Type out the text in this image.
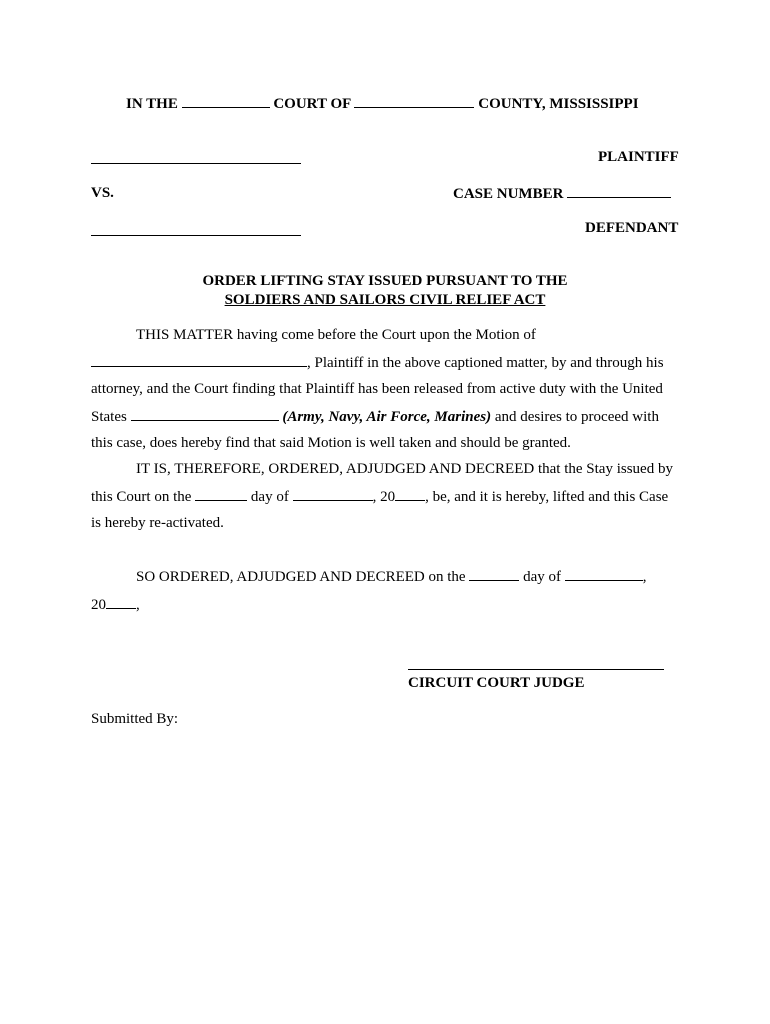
IN THE	COURT OF	COUNTY, MISSISSIPPI
PLAINTIFF
VS.	CASE NUMBER
DEFENDANT
ORDER LIFTING STAY ISSUED PURSUANT TO THE
SOLDIERS AND SAILORS CIVIL RELIEF ACT
THIS MATTER having come before the Court upon the Motion of
, Plaintiff in the above captioned matter, by and through his
attorney, and the Court finding that Plaintiff has been released from active duty with the United
States	(Army, Navy, Air Force, Marines) and desires to proceed with
this case, does hereby find that said Motion is well taken and should be granted.
IT IS, THEREFORE, ORDERED, ADJUDGED AND DECREED that the Stay issued by
this Court on the	day of	, 20 , be, and it is hereby, lifted and this Case
is hereby re-activated.
SO ORDERED, ADJUDGED AND DECREED on the	day of	,
20 ,
CIRCUIT COURT JUDGE
Submitted By:
